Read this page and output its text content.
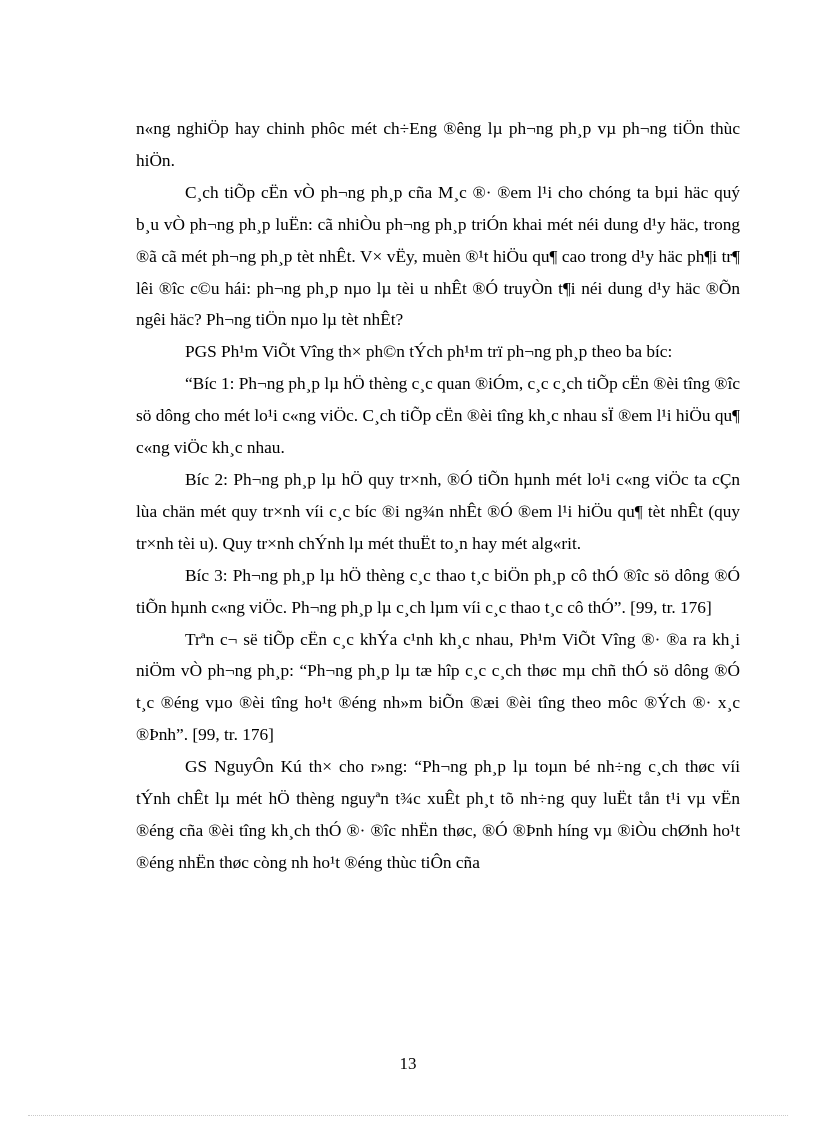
n«ng nghiÖp hay chinh phôc mét ch÷Eng ®êng lµ ph¬ng ph¸p vµ ph¬ng tiÖn thùc hiÖn.

C¸ch tiÕp cËn vÒ ph¬ng ph¸p cña M¸c ®· ®em l¹i cho chóng ta bµi häc quý b¸u vÒ ph¬ng ph¸p luËn: cã nhiÒu ph¬ng ph¸p triÓn khai mét néi dung d¹y häc, trong ®ã cã mét ph¬ng ph¸p tèt nhÊt. V× vËy, muèn ®¹t hiÖu qu¶ cao trong d¹y häc ph¶i tr¶ lêi ®îc c©u hái: ph¬ng ph¸p nµo lµ tèi u nhÊt ®Ó truyÒn t¶i néi dung d¹y häc ®Õn ngêi häc? Ph¬ng tiÖn nµo lµ tèt nhÊt?

PGS Ph¹m ViÕt Vîng th× ph©n tÝch ph¹m trï ph¬ng ph¸p theo ba bíc:

“Bíc 1: Ph¬ng ph¸p lµ hÖ thèng c¸c quan ®iÓm, c¸c c¸ch tiÕp cËn ®èi tîng ®îc sö dông cho mét lo¹i c«ng viÖc. C¸ch tiÕp cËn ®èi tîng kh¸c nhau sÏ ®em l¹i hiÖu qu¶ c«ng viÖc kh¸c nhau.

Bíc 2: Ph¬ng ph¸p lµ hÖ quy tr×nh, ®Ó tiÕn hµnh mét lo¹i c«ng viÖc ta cÇn lùa chän mét quy tr×nh víi c¸c bíc ®i ng¾n nhÊt ®Ó ®em l¹i hiÖu qu¶ tèt nhÊt (quy tr×nh tèi u). Quy tr×nh chÝnh lµ mét thuËt to¸n hay mét alg«rit.

Bíc 3: Ph¬ng ph¸p lµ hÖ thèng c¸c thao t¸c biÖn ph¸p cô thÓ ®îc sö dông ®Ó tiÕn hµnh c«ng viÖc. Ph¬ng ph¸p lµ c¸ch lµm víi c¸c thao t¸c cô thÓ”. [99, tr. 176]

Trªn c¬ së tiÕp cËn c¸c khÝa c¹nh kh¸c nhau, Ph¹m ViÕt Vîng ®· ®a ra kh¸i niÖm vÒ ph¬ng ph¸p: “Ph¬ng ph¸p lµ tæ hîp c¸c c¸ch thøc mµ chñ thÓ sö dông ®Ó t¸c ®éng vµo ®èi tîng ho¹t ®éng nh»m biÕn ®æi ®èi tîng theo môc ®Ých ®· x¸c ®Þnh”. [99, tr. 176]

GS NguyÔn Kú th× cho r»ng: “Ph¬ng ph¸p lµ toµn bé nh÷ng c¸ch thøc víi tÝnh chÊt lµ mét hÖ thèng nguyªn t¾c xuÊt ph¸t tõ nh÷ng quy luËt tån t¹i vµ vËn ®éng cña ®èi tîng kh¸ch thÓ ®· ®îc nhËn thøc, ®Ó ®Þnh híng vµ ®iÒu chØnh ho¹t ®éng nhËn thøc còng nh ho¹t ®éng thùc tiÔn cña

13
